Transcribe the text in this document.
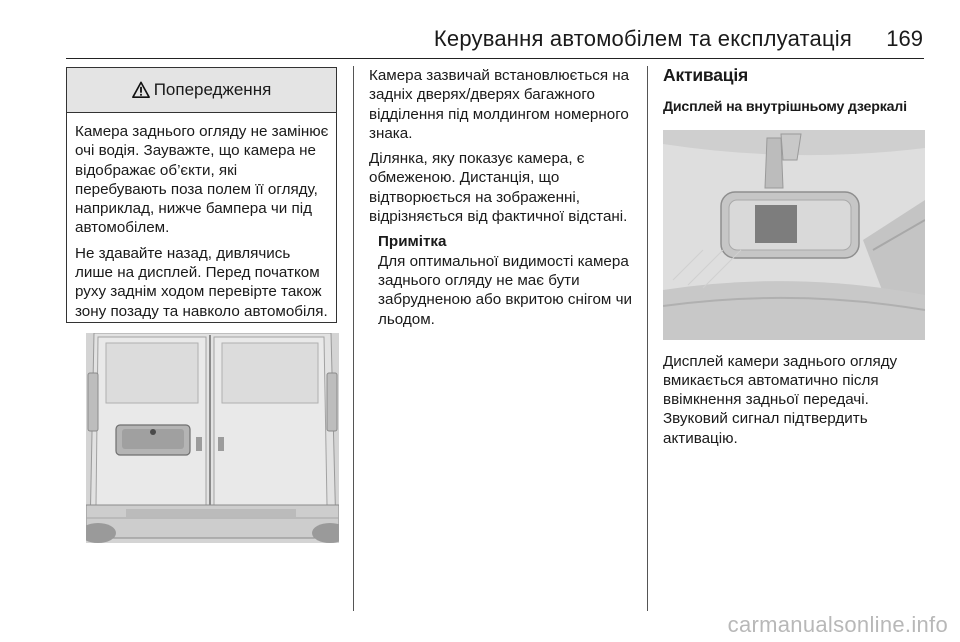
Керування автомобілем та експлуатація 169
Попередження

Камера заднього огляду не замінює очі водія. Зауважте, що камера не відображає об’єкти, які перебувають поза полем її огляду, наприклад, нижче бампера чи під автомобілем.

Не здавайте назад, дивлячись лише на дисплей. Перед початком руху заднім ходом перевірте також зону позаду та навколо автомобіля.

Камера зазвичай встановлюється на задніх дверях/дверях багажного відділення під молдингом номерного знака.

Ділянка, яку показує камера, є обмеженою. Дистанція, що відтворюється на зображенні, відрізняється від фактичної відстані.

Примітка
Для оптимальної видимості камера заднього огляду не має бути забрудненою або вкритою снігом чи льодом.
Активація
Дисплей на внутрішньому дзеркалі

Дисплей камери заднього огляду вмикається автоматично після ввімкнення задньої передачі. Звуковий сигнал підтвердить активацію.

carmanualsonline.info
